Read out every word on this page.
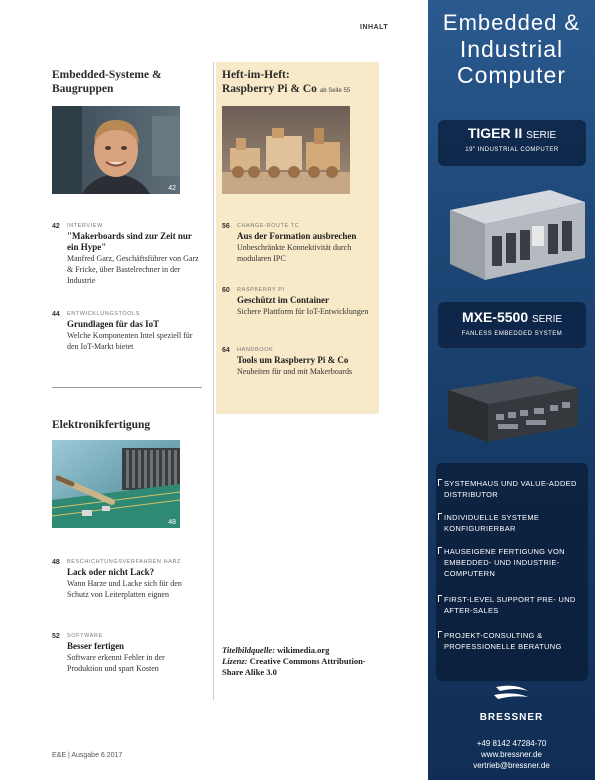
INHALT
Embedded-Systeme & Baugruppen
42
42	INTERVIEW
"Makerboards sind zur Zeit nur ein Hype"
Manfred Garz, Geschäftsführer von Garz & Fricke, über Bastelrechner in der Industrie
44	ENTWICKLUNGSTOOLS
Grundlagen für das IoT
Welche Komponenten Intel speziell für den IoT-Markt bietet
Elektronikfertigung
48
48	BESCHICHTUNGSVERFAHREN HARZ
Lack oder nicht Lack?
Wann Harze und Lacke sich für den Schutz von Leiterplatten eignen
52	SOFTWARE
Besser fertigen
Software erkennt Fehler in der Produktion und spart Kosten
Heft-im-Heft:
Raspberry Pi & Co ab Seite 55
56	CHANGE-ROUTE TC
Aus der Formation ausbrechen
Unbeschränkte Konnektivität durch modularen IPC
60	RASPBERRY PI
Geschützt im Container
Sichere Plattform für IoT-Entwicklungen
64	HANDBOOK
Tools um Raspberry Pi & Co
Neuheiten für und mit Makerboards
Titelbildquelle: wikimedia.org
Lizenz: Creative Commons Attribution-Share Alike 3.0
E&E | Ausgabe 6.2017
Embedded &
Industrial
Computer
TIGER II SERIE
19" INDUSTRIAL COMPUTER
MXE-5500 SERIE
FANLESS EMBEDDED SYSTEM
SYSTEMHAUS UND VALUE-ADDED DISTRIBUTOR
INDIVIDUELLE SYSTEME KONFIGURIERBAR
HAUSEIGENE FERTIGUNG VON EMBEDDED- UND INDUSTRIE-COMPUTERN
FIRST-LEVEL SUPPORT PRE- UND AFTER-SALES
PROJEKT-CONSULTING & PROFESSIONELLE BERATUNG
BRESSNER
+49 8142 47284-70
www.bressner.de
vertrieb@bressner.de
